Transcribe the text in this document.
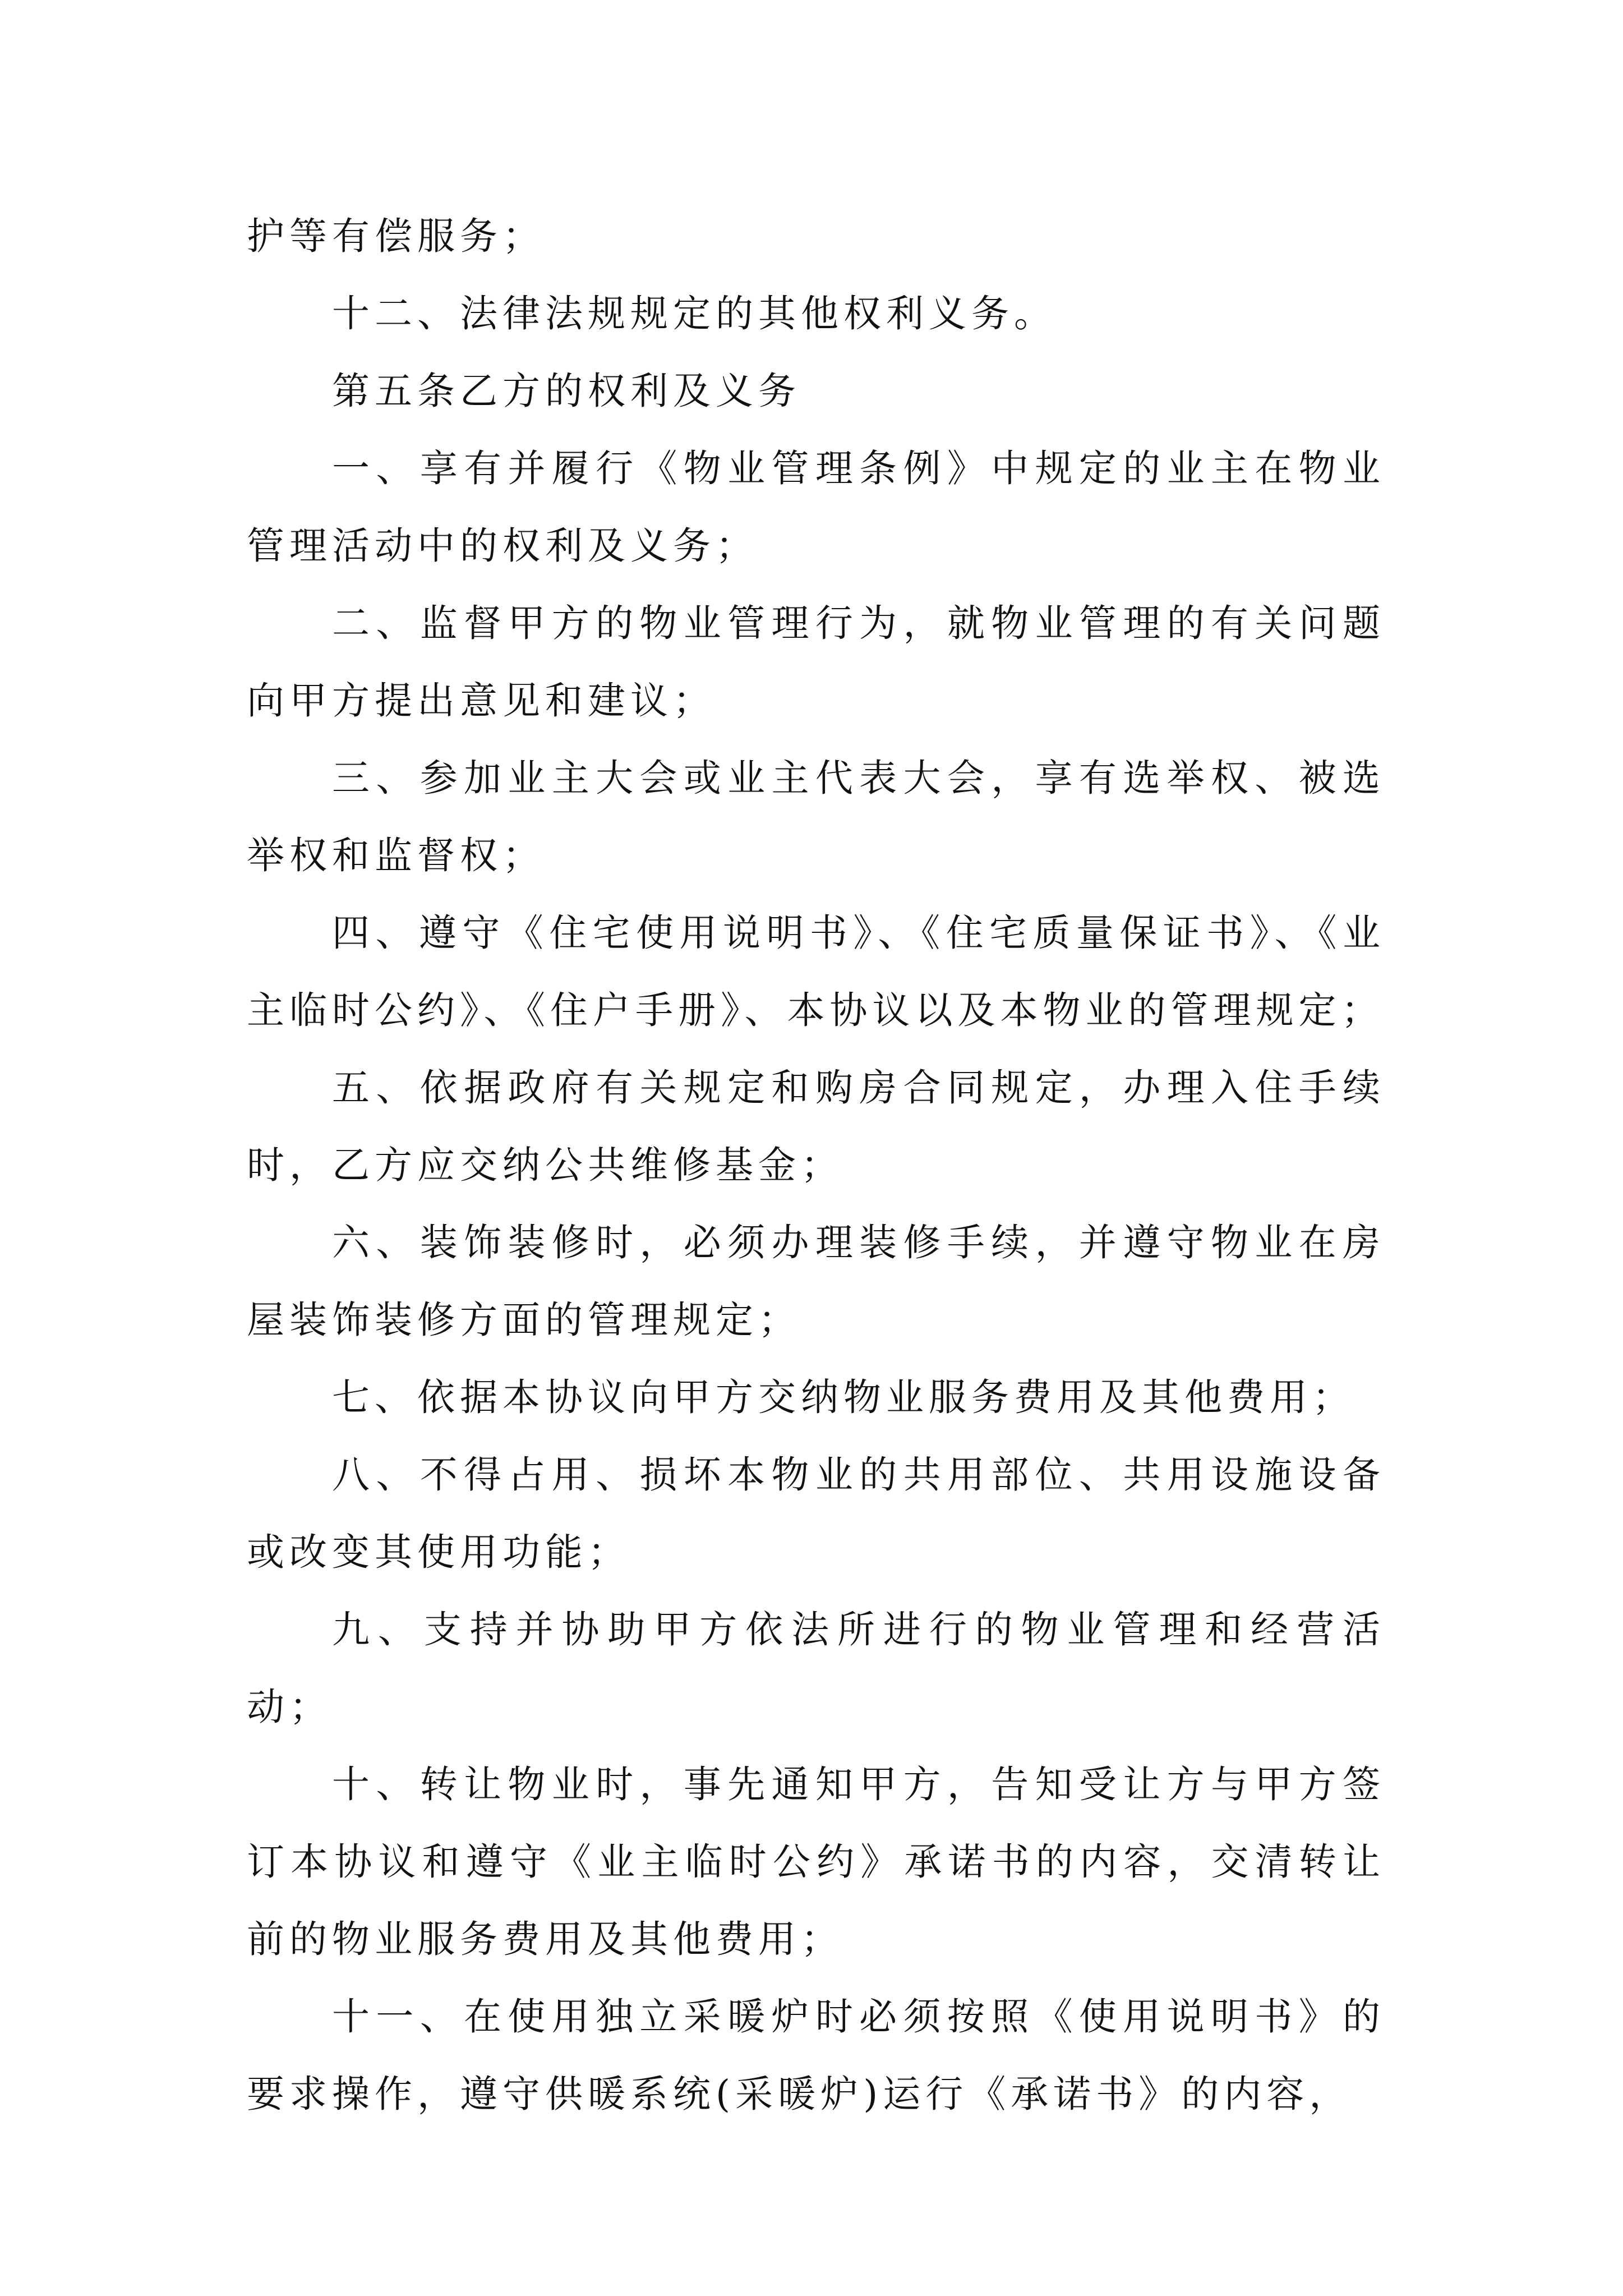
护等有偿服务；

十二、法律法规规定的其他权利义务。

第五条乙方的权利及义务

一、享有并履行《物业管理条例》中规定的业主在物业管理活动中的权利及义务；

二、监督甲方的物业管理行为，就物业管理的有关问题向甲方提出意见和建议；

三、参加业主大会或业主代表大会，享有选举权、被选举权和监督权；

四、遵守《住宅使用说明书》、《住宅质量保证书》、《业主临时公约》、《住户手册》、本协议以及本物业的管理规定；

五、依据政府有关规定和购房合同规定，办理入住手续时，乙方应交纳公共维修基金；

六、装饰装修时，必须办理装修手续，并遵守物业在房屋装饰装修方面的管理规定；

七、依据本协议向甲方交纳物业服务费用及其他费用；

八、不得占用、损坏本物业的共用部位、共用设施设备或改变其使用功能；

九、支持并协助甲方依法所进行的物业管理和经营活动；

十、转让物业时，事先通知甲方，告知受让方与甲方签订本协议和遵守《业主临时公约》承诺书的内容，交清转让前的物业服务费用及其他费用；

十一、在使用独立采暖炉时必须按照《使用说明书》的要求操作，遵守供暖系统(采暖炉)运行《承诺书》的内容，
